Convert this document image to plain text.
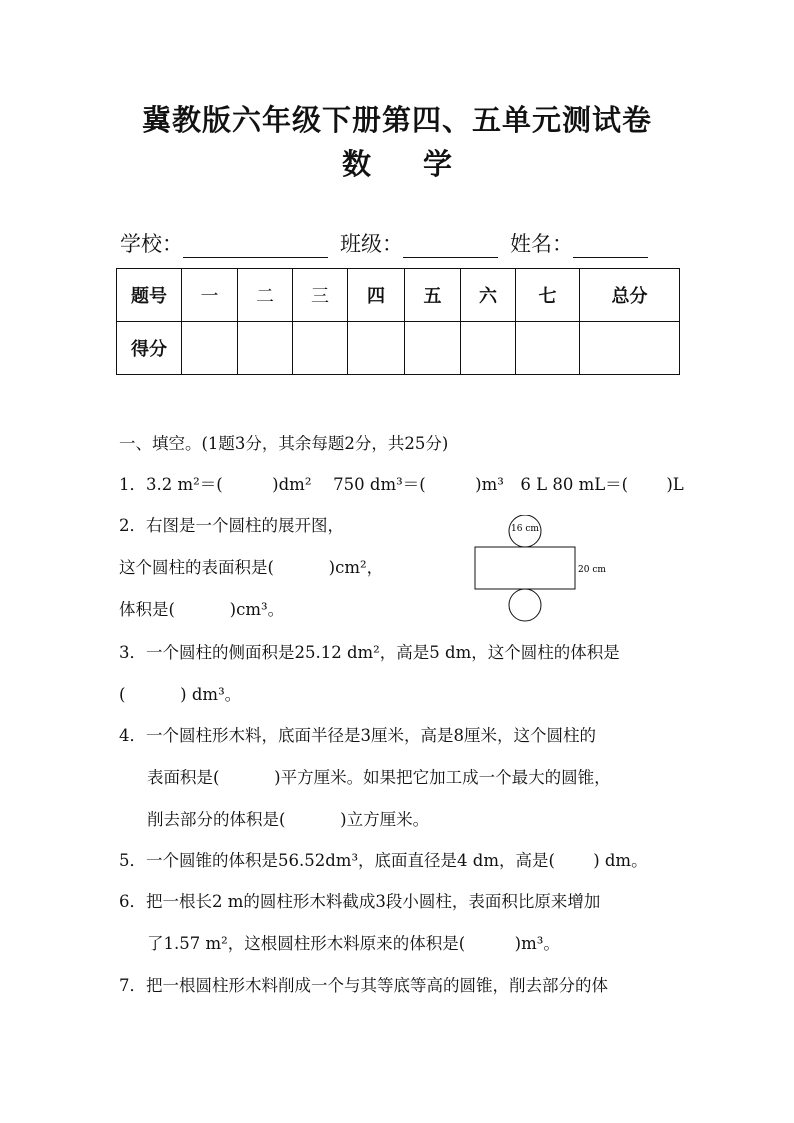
冀教版六年级下册第四、五单元测试卷
数 学
学校：	班级：	姓名：
题号	一	二	三	四	五	六	七	总分
得分								
一、填空。(1题3分，其余每题2分，共25分)
1．3.2 m²＝(　　　)dm²　 750 dm³＝(　　　)m³　6 L 80 mL＝(　　 )L
2．右图是一个圆柱的展开图，
这个圆柱的表面积是(　　　 )cm²，
体积是(　　　 )cm³。
16 cm
20 cm
3．一个圆柱的侧面积是25.12 dm²，高是5 dm，这个圆柱的体积是
(　　　 ) dm³。
4．一个圆柱形木料，底面半径是3厘米，高是8厘米，这个圆柱的
表面积是(　　　 )平方厘米。如果把它加工成一个最大的圆锥，
削去部分的体积是(　　　 )立方厘米。
5．一个圆锥的体积是56.52dm³，底面直径是4 dm，高是(　　 ) dm。
6．把一根长2 m的圆柱形木料截成3段小圆柱，表面积比原来增加
了1.57 m²，这根圆柱形木料原来的体积是(　　　)m³。
7．把一根圆柱形木料削成一个与其等底等高的圆锥，削去部分的体
